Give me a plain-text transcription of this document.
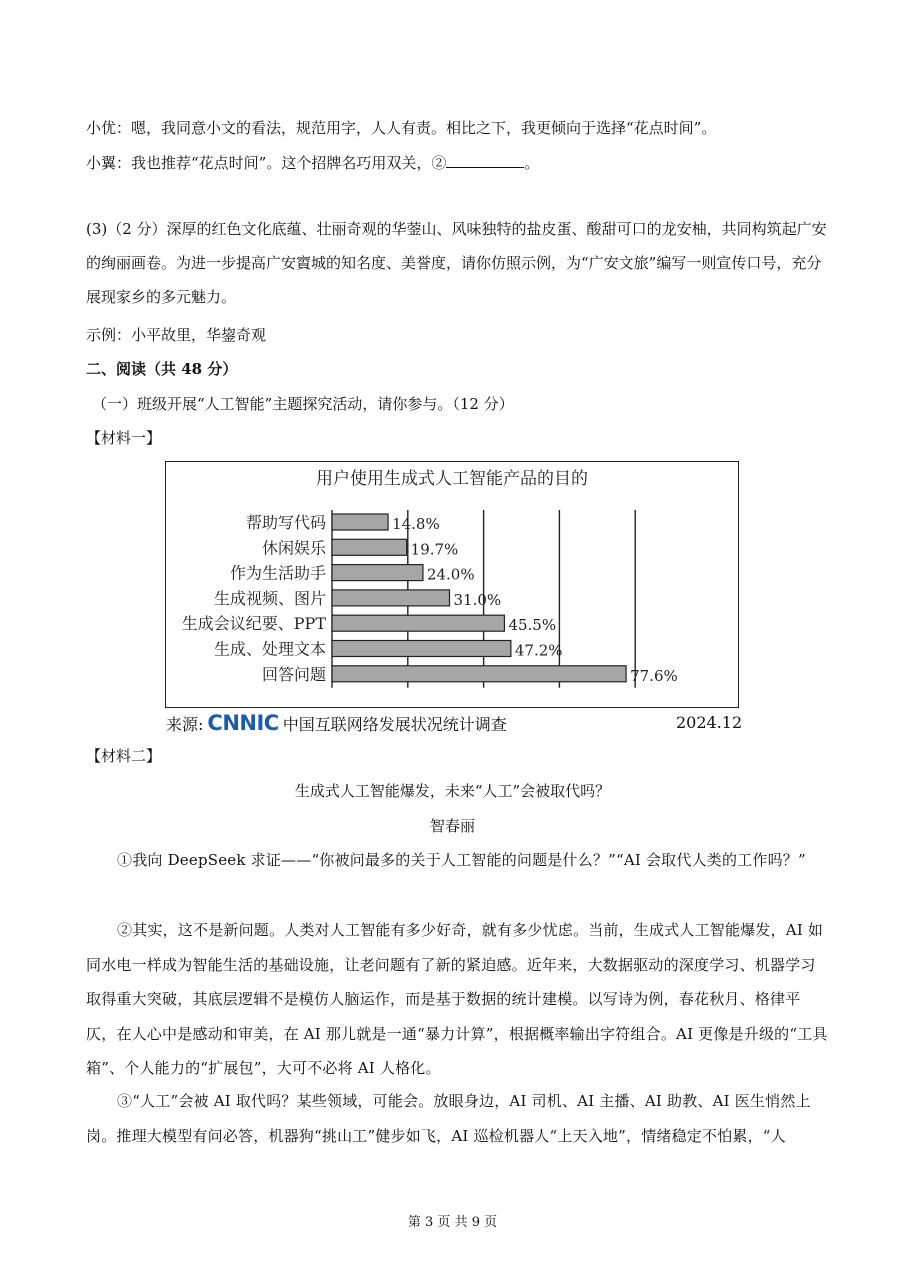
小优：嗯，我同意小文的看法，规范用字，人人有责。相比之下，我更倾向于选择“花点时间”。
小翼：我也推荐“花点时间”。这个招牌名巧用双关，②	。
(3)（2 分）深厚的红色文化底蕴、壮丽奇观的华蓥山、风味独特的盐皮蛋、酸甜可口的龙安柚，共同构筑起广安的绚丽画卷。为进一步提高广安賨城的知名度、美誉度，请你仿照示例，为“广安文旅”编写一则宣传口号，充分展现家乡的多元魅力。
示例：小平故里，华鋆奇观
二、阅读（共 48 分）
（一）班级开展“人工智能”主题探究活动，请你参与。（12 分）
【材料一】
用户使用生成式人工智能产品的目的
帮助写代码	14.8%
休闲娱乐	19.7%
作为生活助手	24.0%
生成视频、图片	31.0%
生成会议纪要、PPT	45.5%
生成、处理文本	47.2%
回答问题	77.6%
来源: CNNIC 中国互联网络发展状况统计调查	2024.12
【材料二】
生成式人工智能爆发，未来“人工”会被取代吗？
智春丽
①我向 DeepSeek 求证——“你被问最多的关于人工智能的问题是什么？”“AI 会取代人类的工作吗？”
②其实，这不是新问题。人类对人工智能有多少好奇，就有多少忧虑。当前，生成式人工智能爆发，AI 如同水电一样成为智能生活的基础设施，让老问题有了新的紧迫感。近年来，大数据驱动的深度学习、机器学习取得重大突破，其底层逻辑不是模仿人脑运作，而是基于数据的统计建模。以写诗为例，春花秋月、格律平仄，在人心中是感动和审美，在 AI 那儿就是一通“暴力计算”，根据概率输出字符组合。AI 更像是升级的“工具箱”、个人能力的“扩展包”，大可不必将 AI 人格化。
③“人工”会被 AI 取代吗？某些领域，可能会。放眼身边，AI 司机、AI 主播、AI 助教、AI 医生悄然上岗。推理大模型有问必答，机器狗“挑山工”健步如飞，AI 巡检机器人“上天入地”，情绪稳定不怕累，“人
第 3 页 共 9 页
